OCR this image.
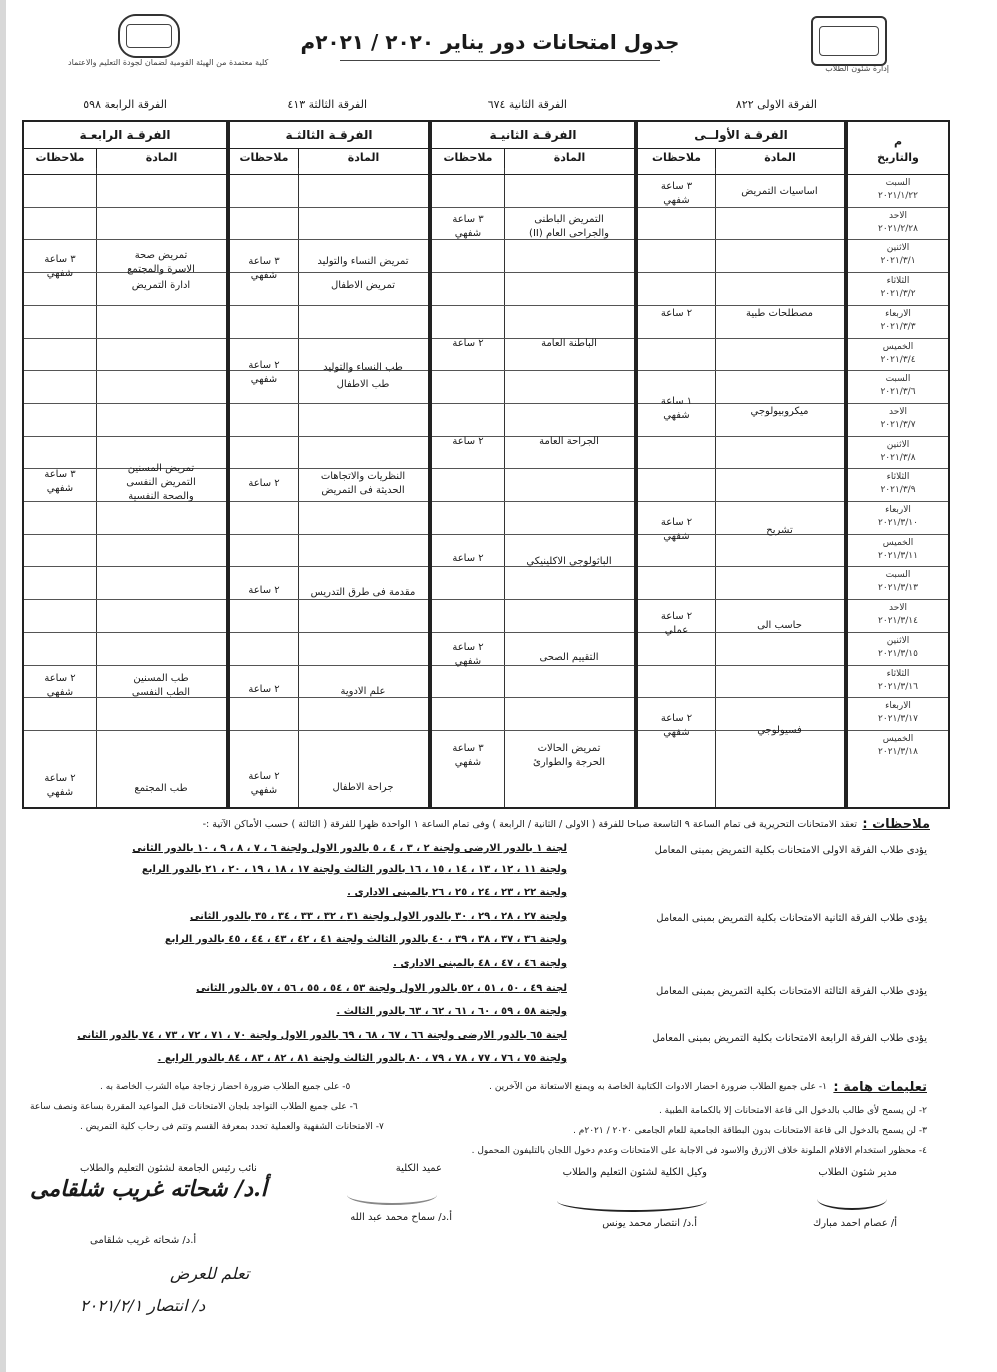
إدارة شئون الطلاب
كلية معتمدة من الهيئة القومية لضمان لجودة التعليم والاعتماد
جدول امتحانات دور يناير ٢٠٢٠ / ٢٠٢١م
الفرقة الاولى ٨٢٢
الفرقة الثانية ٦٧٤
الفرقة الثالثة ٤١٣
الفرقة الرابعة ٥٩٨
م
والتاريخ
السبت
٢٠٢١/١/٢٢
الاحد
٢٠٢١/٢/٢٨
الاثنين
٢٠٢١/٣/١
الثلاثاء
٢٠٢١/٣/٢
الاربعاء
٢٠٢١/٣/٣
الخميس
٢٠٢١/٣/٤
السبت
٢٠٢١/٣/٦
الاحد
٢٠٢١/٣/٧
الاثنين
٢٠٢١/٣/٨
الثلاثاء
٢٠٢١/٣/٩
الاربعاء
٢٠٢١/٣/١٠
الخميس
٢٠٢١/٣/١١
السبت
٢٠٢١/٣/١٣
الاحد
٢٠٢١/٣/١٤
الاثنين
٢٠٢١/٣/١٥
الثلاثاء
٢٠٢١/٣/١٦
الاربعاء
٢٠٢١/٣/١٧
الخميس
٢٠٢١/٣/١٨
الفرقـة الأولــى
المادة
ملاحظات
اساسيات التمريض
٣ ساعة
شفهي
مصطلحات طبية
٢ ساعة
ميكروبيولوجي
١ ساعة
شفهي
تشريح
٢ ساعة
شفهي
حاسب الى
٢ ساعة
عملي
فسيولوجي
٢ ساعة
شفهي
الفرقـة الثانيـة
المادة
ملاحظات
التمريض الباطنى
والجراحى العام (II)
٣ ساعة
شفهي
الباطنة العامة
٢ ساعة
الجراحة العامة
٢ ساعة
الباثولوجي الاكلينيكي
٢ ساعة
التقييم الصحى
٢ ساعة
شفهي
تمريض الحالات
الحرجة والطوارئ
٣ ساعة
شفهي
الفرقـة الثالثـة
المادة
ملاحظات
تمريض النساء والتوليد
٣ ساعة
شفهي
تمريض الاطفال
طب النساء والتوليد
٢ ساعة
شفهي	طب الاطفال
النظريات والاتجاهات
الحديثة فى التمريض
٢ ساعة
مقدمة فى طرق التدريس
٢ ساعة
علم الادوية
٢ ساعة
جراحة الاطفال
٢ ساعة
شفهي
الفرقـة الرابعـة
المادة
ملاحظات
تمريض صحة
الاسرة والمجتمع
٣ ساعة
شفهي
ادارة التمريض
تمريض المسنين
التمريض النفسى
والصحة النفسية
٣ ساعة
شفهي
طب المسنين
الطب النفسى
٢ ساعة
شفهي
طب المجتمع
٢ ساعة
شفهي
ملاحظات :
تعقد الامتحانات التحريرية فى تمام الساعة ٩ التاسعة صباحا للفرقة ( الاولى / الثانية / الرابعة ) وفى تمام الساعة ١ الواحدة ظهرا للفرقة ( الثالثة ) حسب الأماكن الآتية :-
يؤدى طلاب الفرقة الاولى الامتحانات بكلية التمريض بمبنى المعامل
لجنة ١ بالدور الارضى ولجنة ٢ ، ٣ ، ٤ ، ٥ بالدور الاول ولجنة ٦ ، ٧ ، ٨ ، ٩ ، ١٠ بالدور الثانى
ولجنة ١١ ، ١٢ ، ١٣ ، ١٤ ، ١٥ ، ١٦ بالدور الثالث ولجنة ١٧ ، ١٨ ، ١٩ ، ٢٠ ، ٢١ بالدور الرابع
ولجنة ٢٢ ، ٢٣ ، ٢٤ ، ٢٥ ، ٢٦ بالمبنى الادارى .
يؤدى طلاب الفرقة الثانية الامتحانات بكلية التمريض بمبنى المعامل
ولجنة ٢٧ ، ٢٨ ، ٢٩ ، ٣٠ بالدور الاول ولجنة ٣١ ، ٣٢ ، ٣٣ ، ٣٤ ، ٣٥ بالدور الثانى
ولجنة ٣٦ ، ٣٧ ، ٣٨ ، ٣٩ ، ٤٠ بالدور الثالث ولجنة ٤١ ، ٤٢ ، ٤٣ ، ٤٤ ، ٤٥ بالدور الرابع
ولجنة ٤٦ ، ٤٧ ، ٤٨ بالمبنى الادارى .
يؤدى طلاب الفرقة الثالثة الامتحانات بكلية التمريض بمبنى المعامل
لجنة ٤٩ ، ٥٠ ، ٥١ ، ٥٢ بالدور الاول ولجنة ٥٣ ، ٥٤ ، ٥٥ ، ٥٦ ، ٥٧ بالدور الثانى
ولجنة ٥٨ ، ٥٩ ، ٦٠ ، ٦١ ، ٦٢ ، ٦٣ بالدور الثالث .
يؤدى طلاب الفرقة الرابعة الامتحانات بكلية التمريض بمبنى المعامل
لجنة ٦٥ بالدور الارضى ولجنة ٦٦ ، ٦٧ ، ٦٨ ، ٦٩ بالدور الاول ولجنة ٧٠ ، ٧١ ، ٧٢ ، ٧٣ ، ٧٤ بالدور الثانى
ولجنة ٧٥ ، ٧٦ ، ٧٧ ، ٧٨ ، ٧٩ ، ٨٠ بالدور الثالث ولجنة ٨١ ، ٨٢ ، ٨٣ ، ٨٤ بالدور الرابع .
تعليمات هامة :
١- على جميع الطلاب ضرورة احضار الادوات الكتابية الخاصة به ويمنع الاستعانة من الآخرين .
٥- على جميع الطلاب ضرورة احضار زجاجة مياه الشرب الخاصة به .
٢- لن يسمح لأى طالب بالدخول الى قاعة الامتحانات إلا بالكمامة الطبية .
٦- على جميع الطلاب التواجد بلجان الامتحانات قبل المواعيد المقررة بساعة ونصف ساعة
٣- لن يسمح بالدخول الى قاعة الامتحانات بدون البطاقة الجامعية للعام الجامعى ٢٠٢٠ / ٢٠٢١م .
٧- الامتحانات الشفهية والعملية تحدد بمعرفة القسم وتتم فى رحاب كلية التمريض .
٤- محظور استخدام الاقلام الملونة خلاف الازرق والاسود فى الاجابة على الامتحانات وعدم دخول اللجان بالتليفون المحمول .
مدير شئون الطلاب
أ/ عصام احمد مبارك
وكيل الكلية لشئون التعليم والطلاب
أ.د/ انتصار محمد يونس
عميد الكلية
أ.د/ سماح محمد عبد الله
نائب رئيس الجامعة لشئون التعليم والطلاب
أ.د/ شحاته غريب شلقامى
أ.د/ شحاته غريب شلقامى
تعلم للعرض
د/ انتصار ٢٠٢١/٢/١
